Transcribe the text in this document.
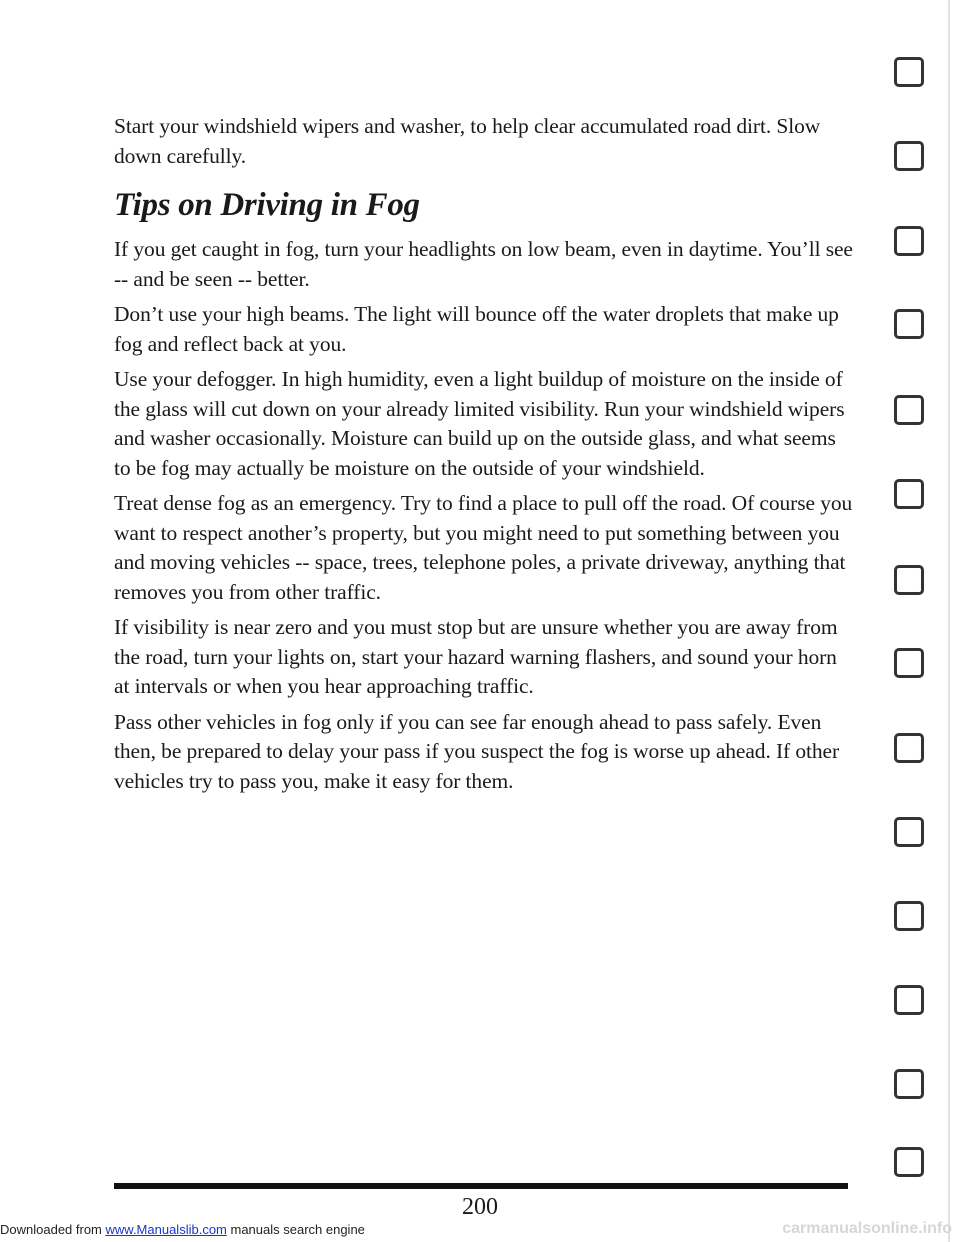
Start your windshield wipers and washer, to help clear accumulated road dirt. Slow down carefully.

Tips on Driving in Fog

If you get caught in fog, turn your headlights on low beam, even in daytime. You’ll see -- and be seen -- better.

Don’t use your high beams. The light will bounce off the water droplets that make up fog and reflect back at you.

Use your defogger. In high humidity, even a light buildup of moisture on the inside of the glass will cut down on your already limited visibility. Run your windshield wipers and washer occasionally. Moisture can build up on the outside glass, and what seems to be fog may actually be moisture on the outside of your windshield.

Treat dense fog as an emergency. Try to find a place to pull off the road. Of course you want to respect another’s property, but you might need to put something between you and moving vehicles -- space, trees, telephone poles, a private driveway, anything that removes you from other traffic.

If visibility is near zero and you must stop but are unsure whether you are away from the road, turn your lights on, start your hazard warning flashers, and sound your horn at intervals or when you hear approaching traffic.

Pass other vehicles in fog only if you can see far enough ahead to pass safely. Even then, be prepared to delay your pass if you suspect the fog is worse up ahead. If other vehicles try to pass you, make it easy for them.

200
Downloaded from www.Manualslib.com manuals search engine	carmanualsonline.info
